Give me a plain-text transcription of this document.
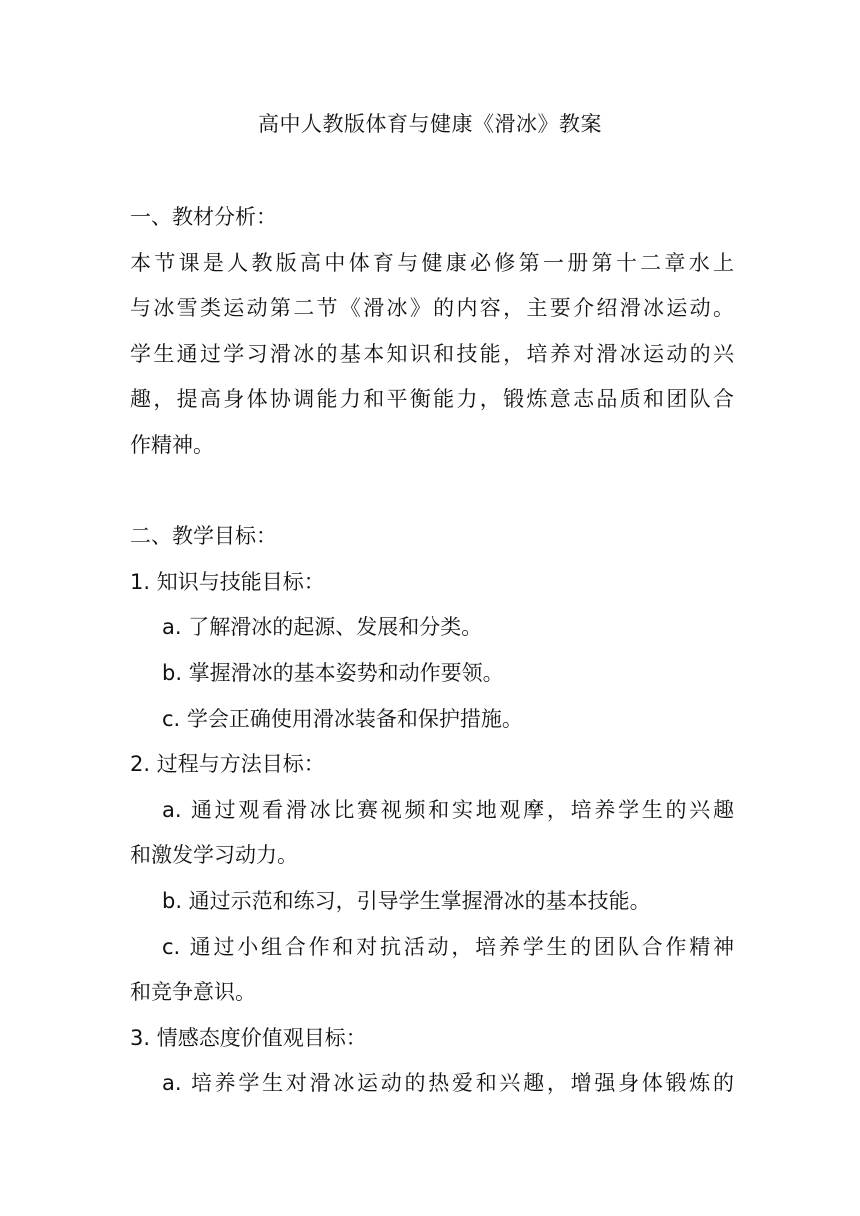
高中人教版体育与健康《滑冰》教案
一、教材分析：
本节课是人教版高中体育与健康必修第一册第十二章水上
与冰雪类运动第二节《滑冰》的内容，主要介绍滑冰运动。
学生通过学习滑冰的基本知识和技能，培养对滑冰运动的兴
趣，提高身体协调能力和平衡能力，锻炼意志品质和团队合
作精神。
二、教学目标：
1. 知识与技能目标：
a. 了解滑冰的起源、发展和分类。
b. 掌握滑冰的基本姿势和动作要领。
c. 学会正确使用滑冰装备和保护措施。
2. 过程与方法目标：
a. 通过观看滑冰比赛视频和实地观摩，培养学生的兴趣
和激发学习动力。
b. 通过示范和练习，引导学生掌握滑冰的基本技能。
c. 通过小组合作和对抗活动，培养学生的团队合作精神
和竞争意识。
3. 情感态度价值观目标：
a. 培养学生对滑冰运动的热爱和兴趣，增强身体锻炼的
